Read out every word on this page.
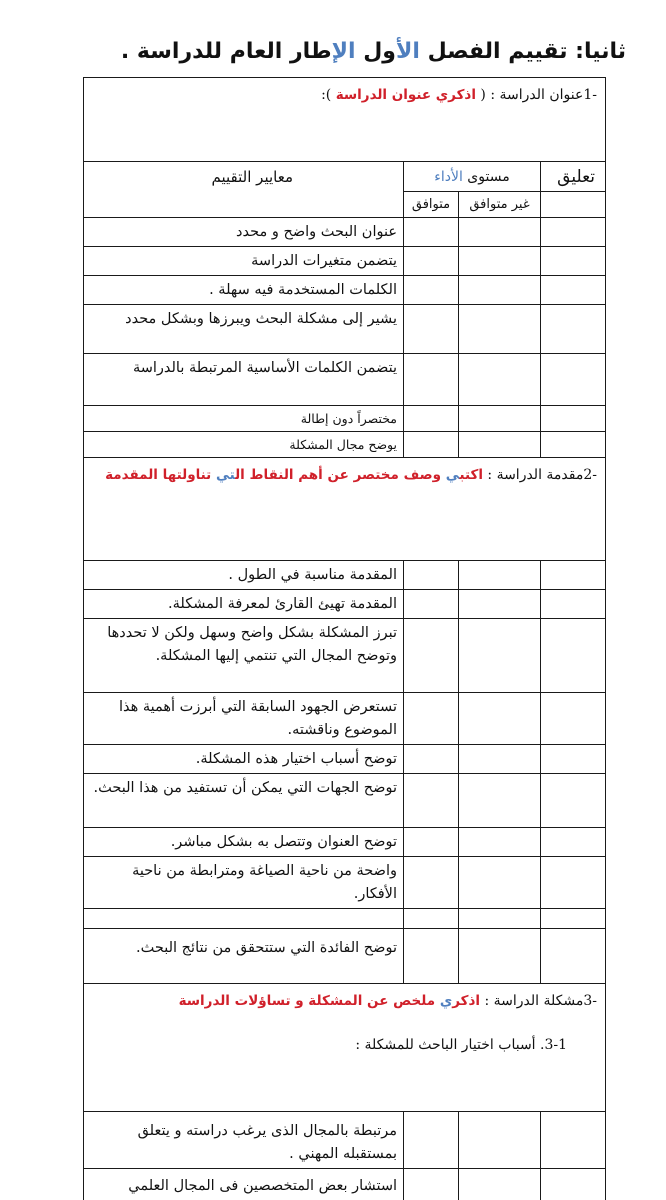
ثانيا: تقييم الفصل الأول الإطار العام للدراسة .
-1عنوان الدراسة : ( اذكري عنوان الدراسة ):			
معايير التقييم	مستوى الأداء		تعليق
	متوافق	غير متوافق	
عنوان البحث واضح و محدد			
يتضمن متغيرات الدراسة			
الكلمات المستخدمة فيه سهلة .			
يشير إلى مشكلة البحث ويبرزها وبشكل محدد			
يتضمن الكلمات الأساسية المرتبطة بالدراسة			
مختصراً دون إطالة			
يوضح مجال المشكلة			
-2مقدمة الدراسة : اكتبي وصف مختصر عن أهم النقاط التي تناولتها المقدمة			
المقدمة مناسبة في الطول .			
المقدمة تهيئ القارئ لمعرفة المشكلة.			
تبرز المشكلة بشكل واضح وسهل ولكن لا تحددها وتوضح المجال التي تنتمي إليها المشكلة.			
تستعرض الجهود السابقة التي أبرزت أهمية هذا الموضوع وناقشته.			
توضح أسباب اختيار هذه المشكلة.			
توضح الجهات التي يمكن أن تستفيد من هذا البحث.			
توضح العنوان وتتصل به بشكل مباشر.			
واضحة من ناحية الصياغة ومترابطة من ناحية الأفكار.			

توضح الفائدة التي ستتحقق من نتائج البحث.			

-3مشكلة الدراسة : اذكري ملخص عن المشكلة و تساؤلات الدراسة
3-1. أسباب اختيار الباحث للمشكلة :			

مرتبطة بالمجال الذى يرغب دراسته و يتعلق بمستقبله المهني .			
استشار بعض المتخصصين فى المجال العلمي			
